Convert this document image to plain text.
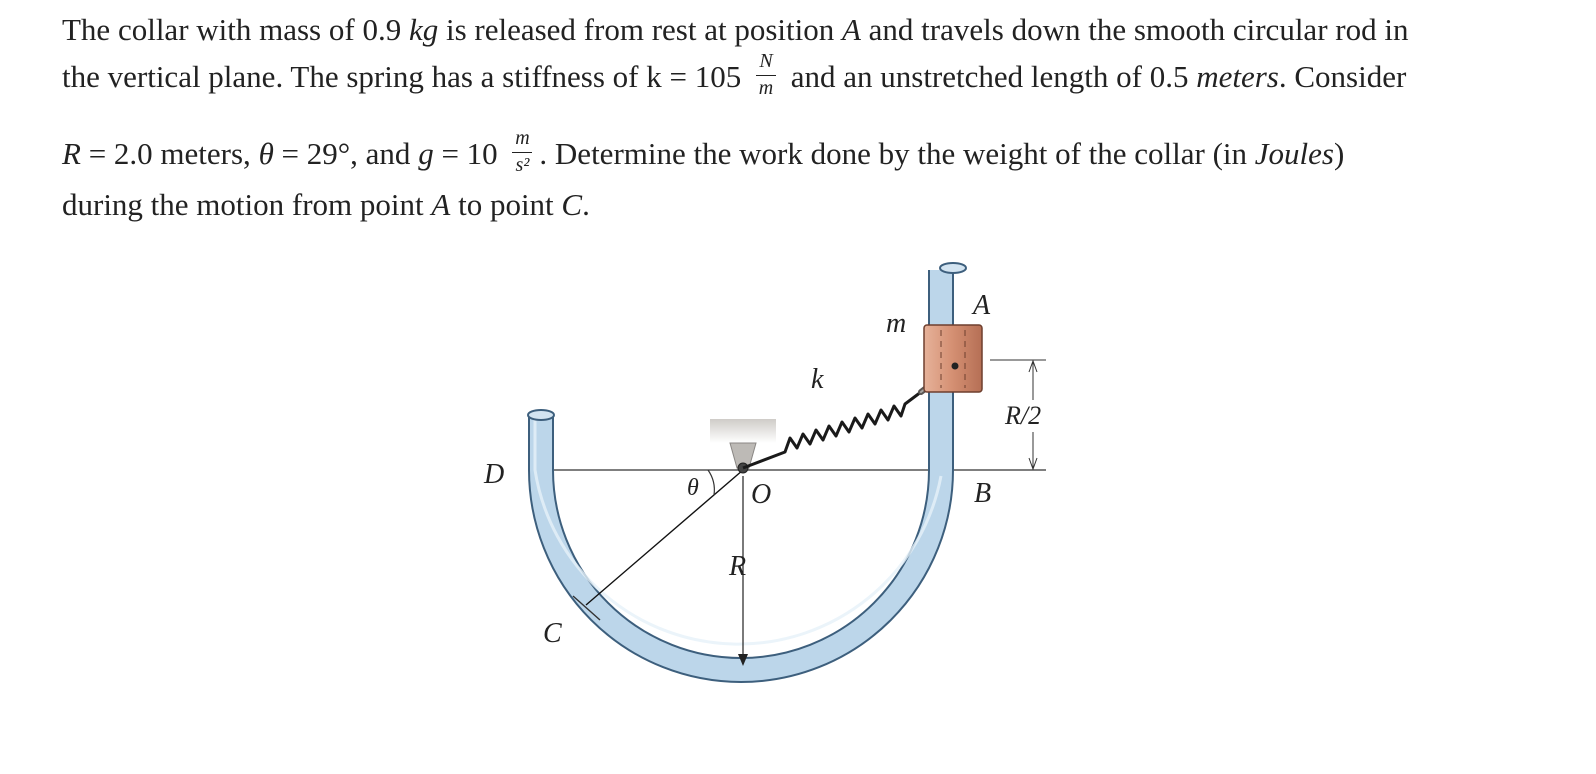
The collar with mass of 0.9 kg is released from rest at position A and travels down the smooth circular rod in
the vertical plane. The spring has a stiffness of $k = 105 \frac{N}{m}$ and an unstretched length of 0.5 meters. Consider
R = 2.0 meters, θ = 29°, and $g = 10 \frac{m}{\text{s²}}$ . Determine the work done by the weight of the collar (in Joules)
during the motion from point A to point C.
A
B
C
D
O
R
R/2
k
m
θ
